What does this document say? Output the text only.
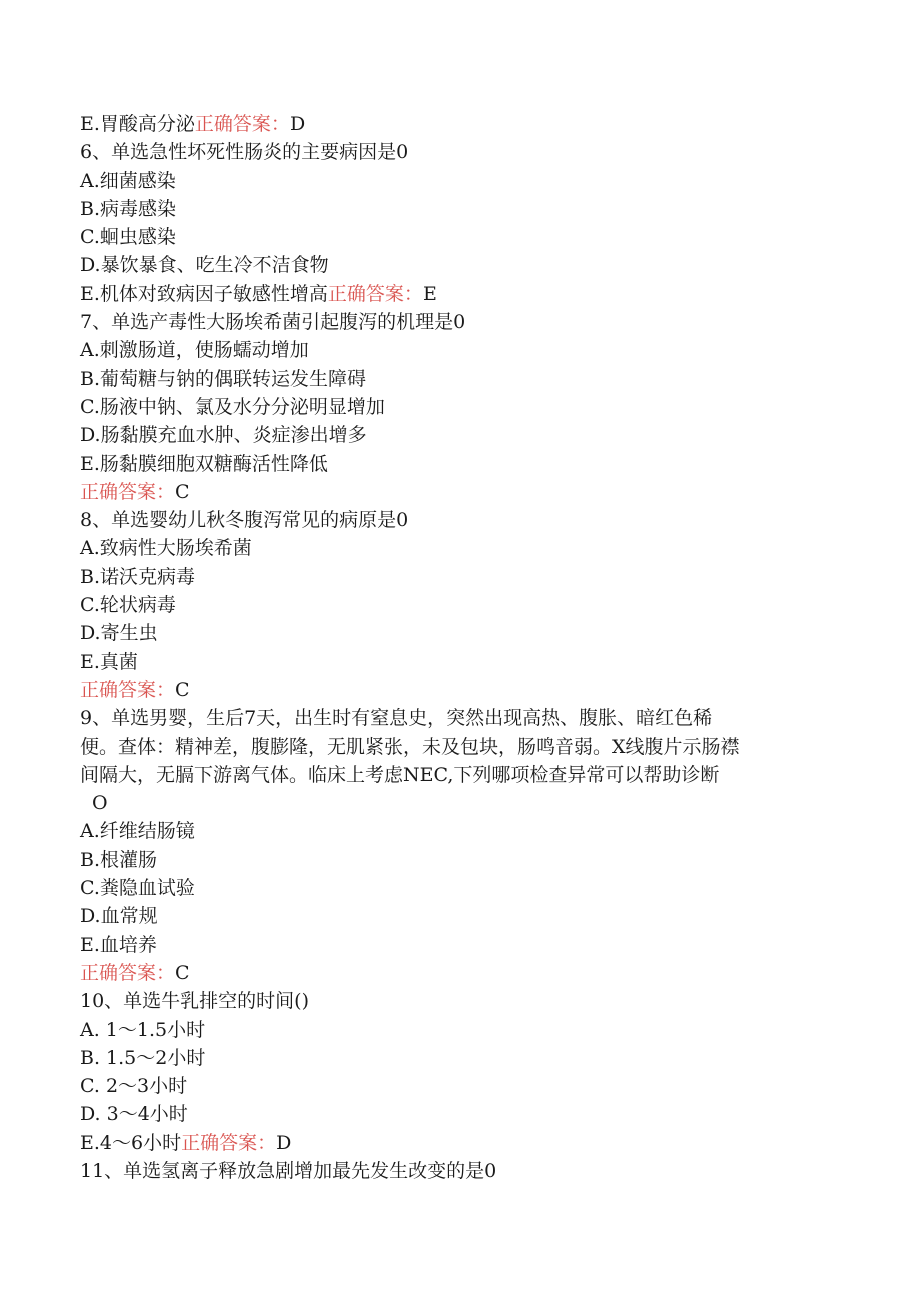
E.胃酸高分泌正确答案：D
6、单选急性坏死性肠炎的主要病因是0
A.细菌感染
B.病毒感染
C.蛔虫感染
D.暴饮暴食、吃生冷不洁食物
E.机体对致病因子敏感性增高正确答案：E
7、单选产毒性大肠埃希菌引起腹泻的机理是0
A.刺激肠道，使肠蠕动增加
B.葡萄糖与钠的偶联转运发生障碍
C.肠液中钠、氯及水分分泌明显增加
D.肠黏膜充血水肿、炎症渗出增多
E.肠黏膜细胞双糖酶活性降低
正确答案：C
8、单选婴幼儿秋冬腹泻常见的病原是0
A.致病性大肠埃希菌
B.诺沃克病毒
C.轮状病毒
D.寄生虫
E.真菌
正确答案：C
9、单选男婴，生后7天，出生时有窒息史，突然出现高热、腹胀、暗红色稀
便。查体：精神差，腹膨隆，无肌紧张，未及包块，肠鸣音弱。X线腹片示肠襟
间隔大，无膈下游离气体。临床上考虑NEC,下列哪项检查异常可以帮助诊断
O
A.纤维结肠镜
B.根灌肠
C.粪隐血试验
D.血常规
E.血培养
正确答案：C
10、单选牛乳排空的时间()
A. 1～1.5小时
B. 1.5～2小时
C. 2～3小时
D. 3～4小时
E.4～6小时正确答案：D
11、单选氢离子释放急剧增加最先发生改变的是0
